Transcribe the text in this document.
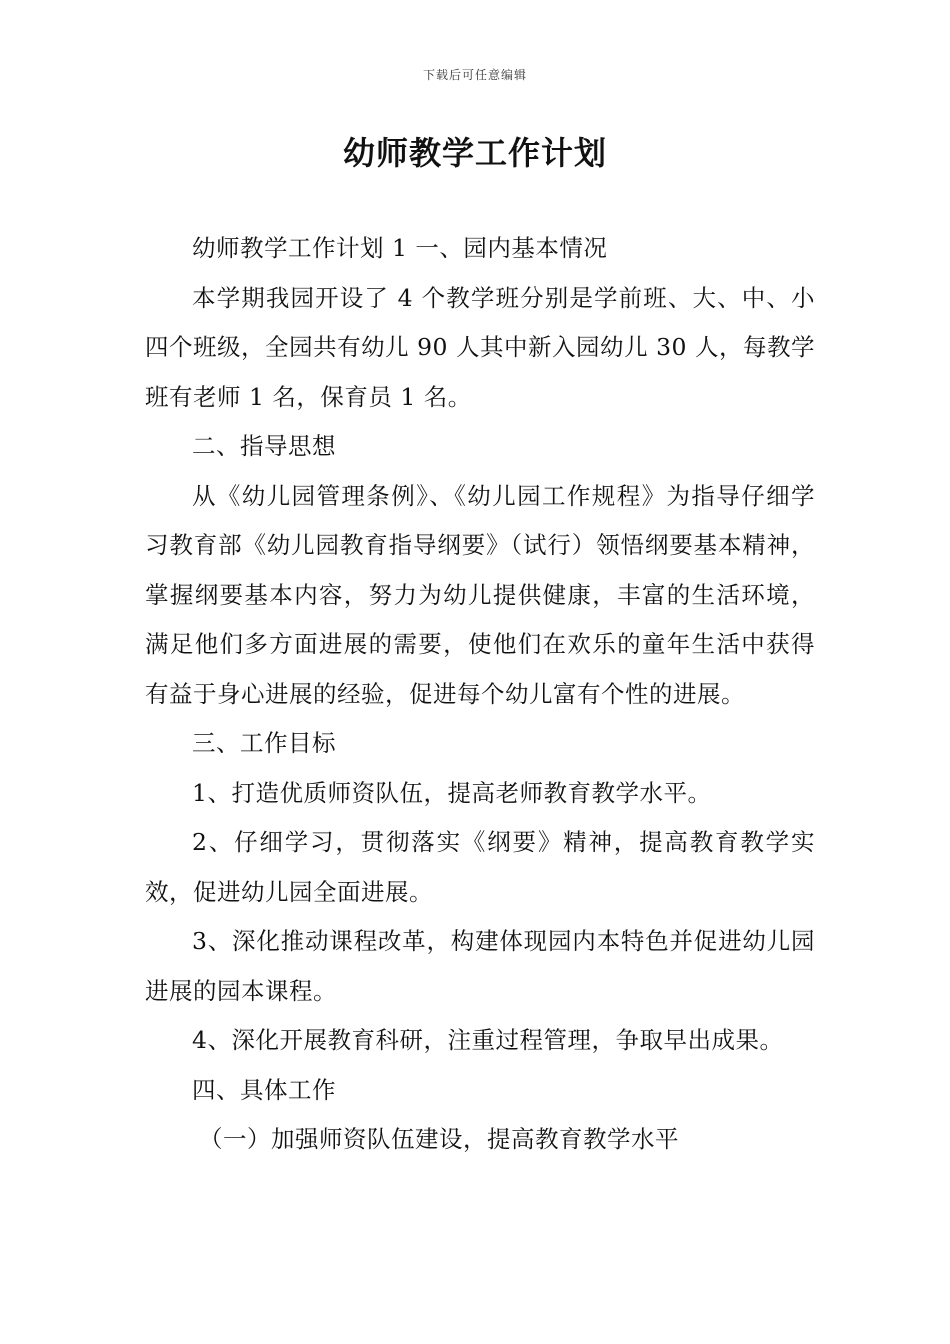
下载后可任意编辑
幼师教学工作计划

幼师教学工作计划 1 一、园内基本情况

本学期我园开设了 4 个教学班分别是学前班、大、中、小四个班级，全园共有幼儿 90 人其中新入园幼儿 30 人，每教学班有老师 1 名，保育员 1 名。

二、指导思想

从《幼儿园管理条例》、《幼儿园工作规程》为指导仔细学习教育部《幼儿园教育指导纲要》（试行）领悟纲要基本精神，掌握纲要基本内容，努力为幼儿提供健康，丰富的生活环境，满足他们多方面进展的需要，使他们在欢乐的童年生活中获得有益于身心进展的经验，促进每个幼儿富有个性的进展。

三、工作目标

1、打造优质师资队伍，提高老师教育教学水平。

2、仔细学习，贯彻落实《纲要》精神，提高教育教学实效，促进幼儿园全面进展。

3、深化推动课程改革，构建体现园内本特色并促进幼儿园进展的园本课程。

4、深化开展教育科研，注重过程管理，争取早出成果。

四、具体工作

（一）加强师资队伍建设，提高教育教学水平
